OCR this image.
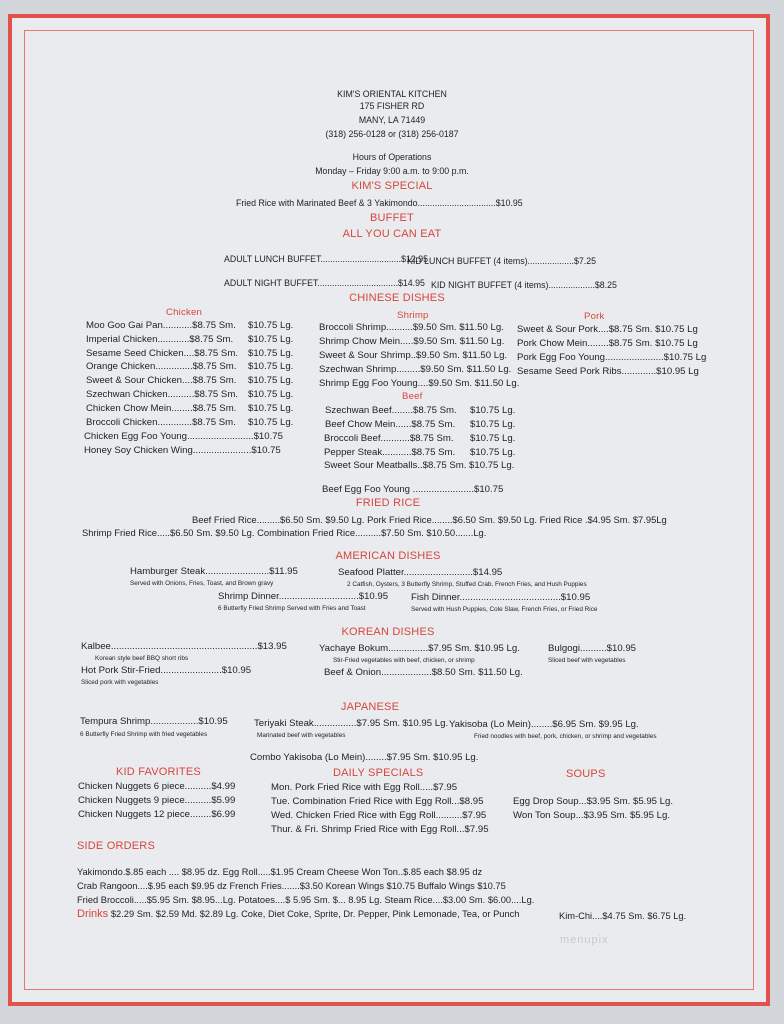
KIM'S ORIENTAL KITCHEN
175 FISHER RD
MANY, LA 71449
(318) 256-0128 or (318) 256-0187
Hours of Operations
Monday – Friday 9:00 a.m. to 9:00 p.m.
KIM'S SPECIAL
Fried Rice with Marinated Beef & 3 Yakimondo................................$10.95
BUFFET
ALL YOU CAN EAT
ADULT LUNCH BUFFET.................................$12.95
KID LUNCH BUFFET (4 items)...................$7.25
ADULT NIGHT BUFFET.................................$14.95 KID NIGHT BUFFET (4 items)...................$8.25
CHINESE DISHES
Chicken	Shrimp	Pork
Moo Goo Gai Pan...........$8.75 Sm. $10.75 Lg.
Imperial Chicken............$8.75 Sm. $10.75 Lg.
Sesame Seed Chicken....$8.75 Sm. $10.75 Lg.
Orange Chicken..............$8.75 Sm. $10.75 Lg.
Sweet & Sour Chicken....$8.75 Sm. $10.75 Lg.
Szechwan Chicken..........$8.75 Sm. $10.75 Lg.
Chicken Chow Mein........$8.75 Sm. $10.75 Lg.
Broccoli Chicken.............$8.75 Sm. $10.75 Lg.
Chicken Egg Foo Young.........................$10.75
Honey Soy Chicken Wing......................$10.75
Broccoli Shrimp..........$9.50 Sm. $11.50 Lg.
Shrimp Chow Mein.....$9.50 Sm. $11.50 Lg.
Sweet & Sour Shrimp..$9.50 Sm. $11.50 Lg.
Szechwan Shrimp.........$9.50 Sm. $11.50 Lg.
Shrimp Egg Foo Young....$9.50 Sm. $11.50 Lg.
Sweet & Sour Pork....$8.75 Sm. $10.75 Lg
Pork Chow Mein........$8.75 Sm. $10.75 Lg
Pork Egg Foo Young......................$10.75 Lg
Sesame Seed Pork Ribs.............$10.95 Lg
Beef
Szechwan Beef........$8.75 Sm. $10.75 Lg.
Beef Chow Mein......$8.75 Sm. $10.75 Lg.
Broccoli Beef...........$8.75 Sm. $10.75 Lg.
Pepper Steak...........$8.75 Sm. $10.75 Lg.
Sweet Sour Meatballs..$8.75 Sm. $10.75 Lg.
Beef Egg Foo Young .......................$10.75
FRIED RICE
Beef Fried Rice.........$6.50 Sm. $9.50 Lg. Pork Fried Rice........$6.50 Sm. $9.50 Lg. Fried Rice .$4.95 Sm. $7.95Lg
Shrimp Fried Rice.....$6.50 Sm. $9.50 Lg. Combination Fried Rice..........$7.50 Sm. $10.50.......Lg.
AMERICAN DISHES
Hamburger Steak........................$11.95
Served with Onions, Fries, Toast, and Brown gravy
Seafood Platter..........................$14.95
2 Catfish, Oysters, 3 Butterfly Shrimp, Stuffed Crab, French Fries, and Hush Puppies
Shrimp Dinner..............................$10.95
6 Butterfly Fried Shrimp Served with Fries and Toast
Fish Dinner......................................$10.95
Served with Hush Puppies, Cole Slaw, French Fries, or Fried Rice
KOREAN DISHES
Kalbee.......................................................$13.95
Korean style beef BBQ short ribs
Hot Pork Stir-Fried.......................$10.95
Sliced pork with vegetables
Yachaye Bokum...............$7.95 Sm. $10.95 Lg.
Stir-Fried vegetables with beef, chicken, or shrimp
Beef & Onion...................$8.50 Sm. $11.50 Lg.
Bulgogi..........$10.95
Sliced beef with vegetables
JAPANESE
Tempura Shrimp..................$10.95
6 Butterfly Fried Shrimp with fried vegetables
Teriyaki Steak................$7.95 Sm. $10.95 Lg.
Marinated beef with vegetables
Yakisoba (Lo Mein)........$6.95 Sm. $9.95 Lg.
Fried noodles with beef, pork, chicken, or shrimp and vegetables
Combo Yakisoba (Lo Mein)........$7.95 Sm. $10.95 Lg.
KID FAVORITES
Chicken Nuggets 6 piece..........$4.99
Chicken Nuggets 9 piece..........$5.99
Chicken Nuggets 12 piece........$6.99
DAILY SPECIALS
Mon. Pork Fried Rice with Egg Roll.....$7.95
Tue. Combination Fried Rice with Egg Roll...$8.95
Wed. Chicken Fried Rice with Egg Roll..........$7.95
Thur. & Fri. Shrimp Fried Rice with Egg Roll...$7.95
SOUPS
Egg Drop Soup...$3.95 Sm. $5.95 Lg.
Won Ton Soup...$3.95 Sm. $5.95 Lg.
SIDE ORDERS
Yakimondo.$.85 each .... $8.95 dz. Egg Roll.....$1.95 Cream Cheese Won Ton..$.85 each $8.95 dz
Crab Rangoon....$.95 each $9.95 dz French Fries.......$3.50 Korean Wings $10.75 Buffalo Wings $10.75
Fried Broccoli.....$5.95 Sm. $8.95...Lg. Potatoes....$ 5.95 Sm. $... 8.95 Lg. Steam Rice....$3.00 Sm. $6.00....Lg.
Drinks $2.29 Sm. $2.59 Md. $2.89 Lg. Coke, Diet Coke, Sprite, Dr. Pepper, Pink Lemonade, Tea, or Punch	Kim-Chi....$4.75 Sm. $6.75 Lg.
menupix
